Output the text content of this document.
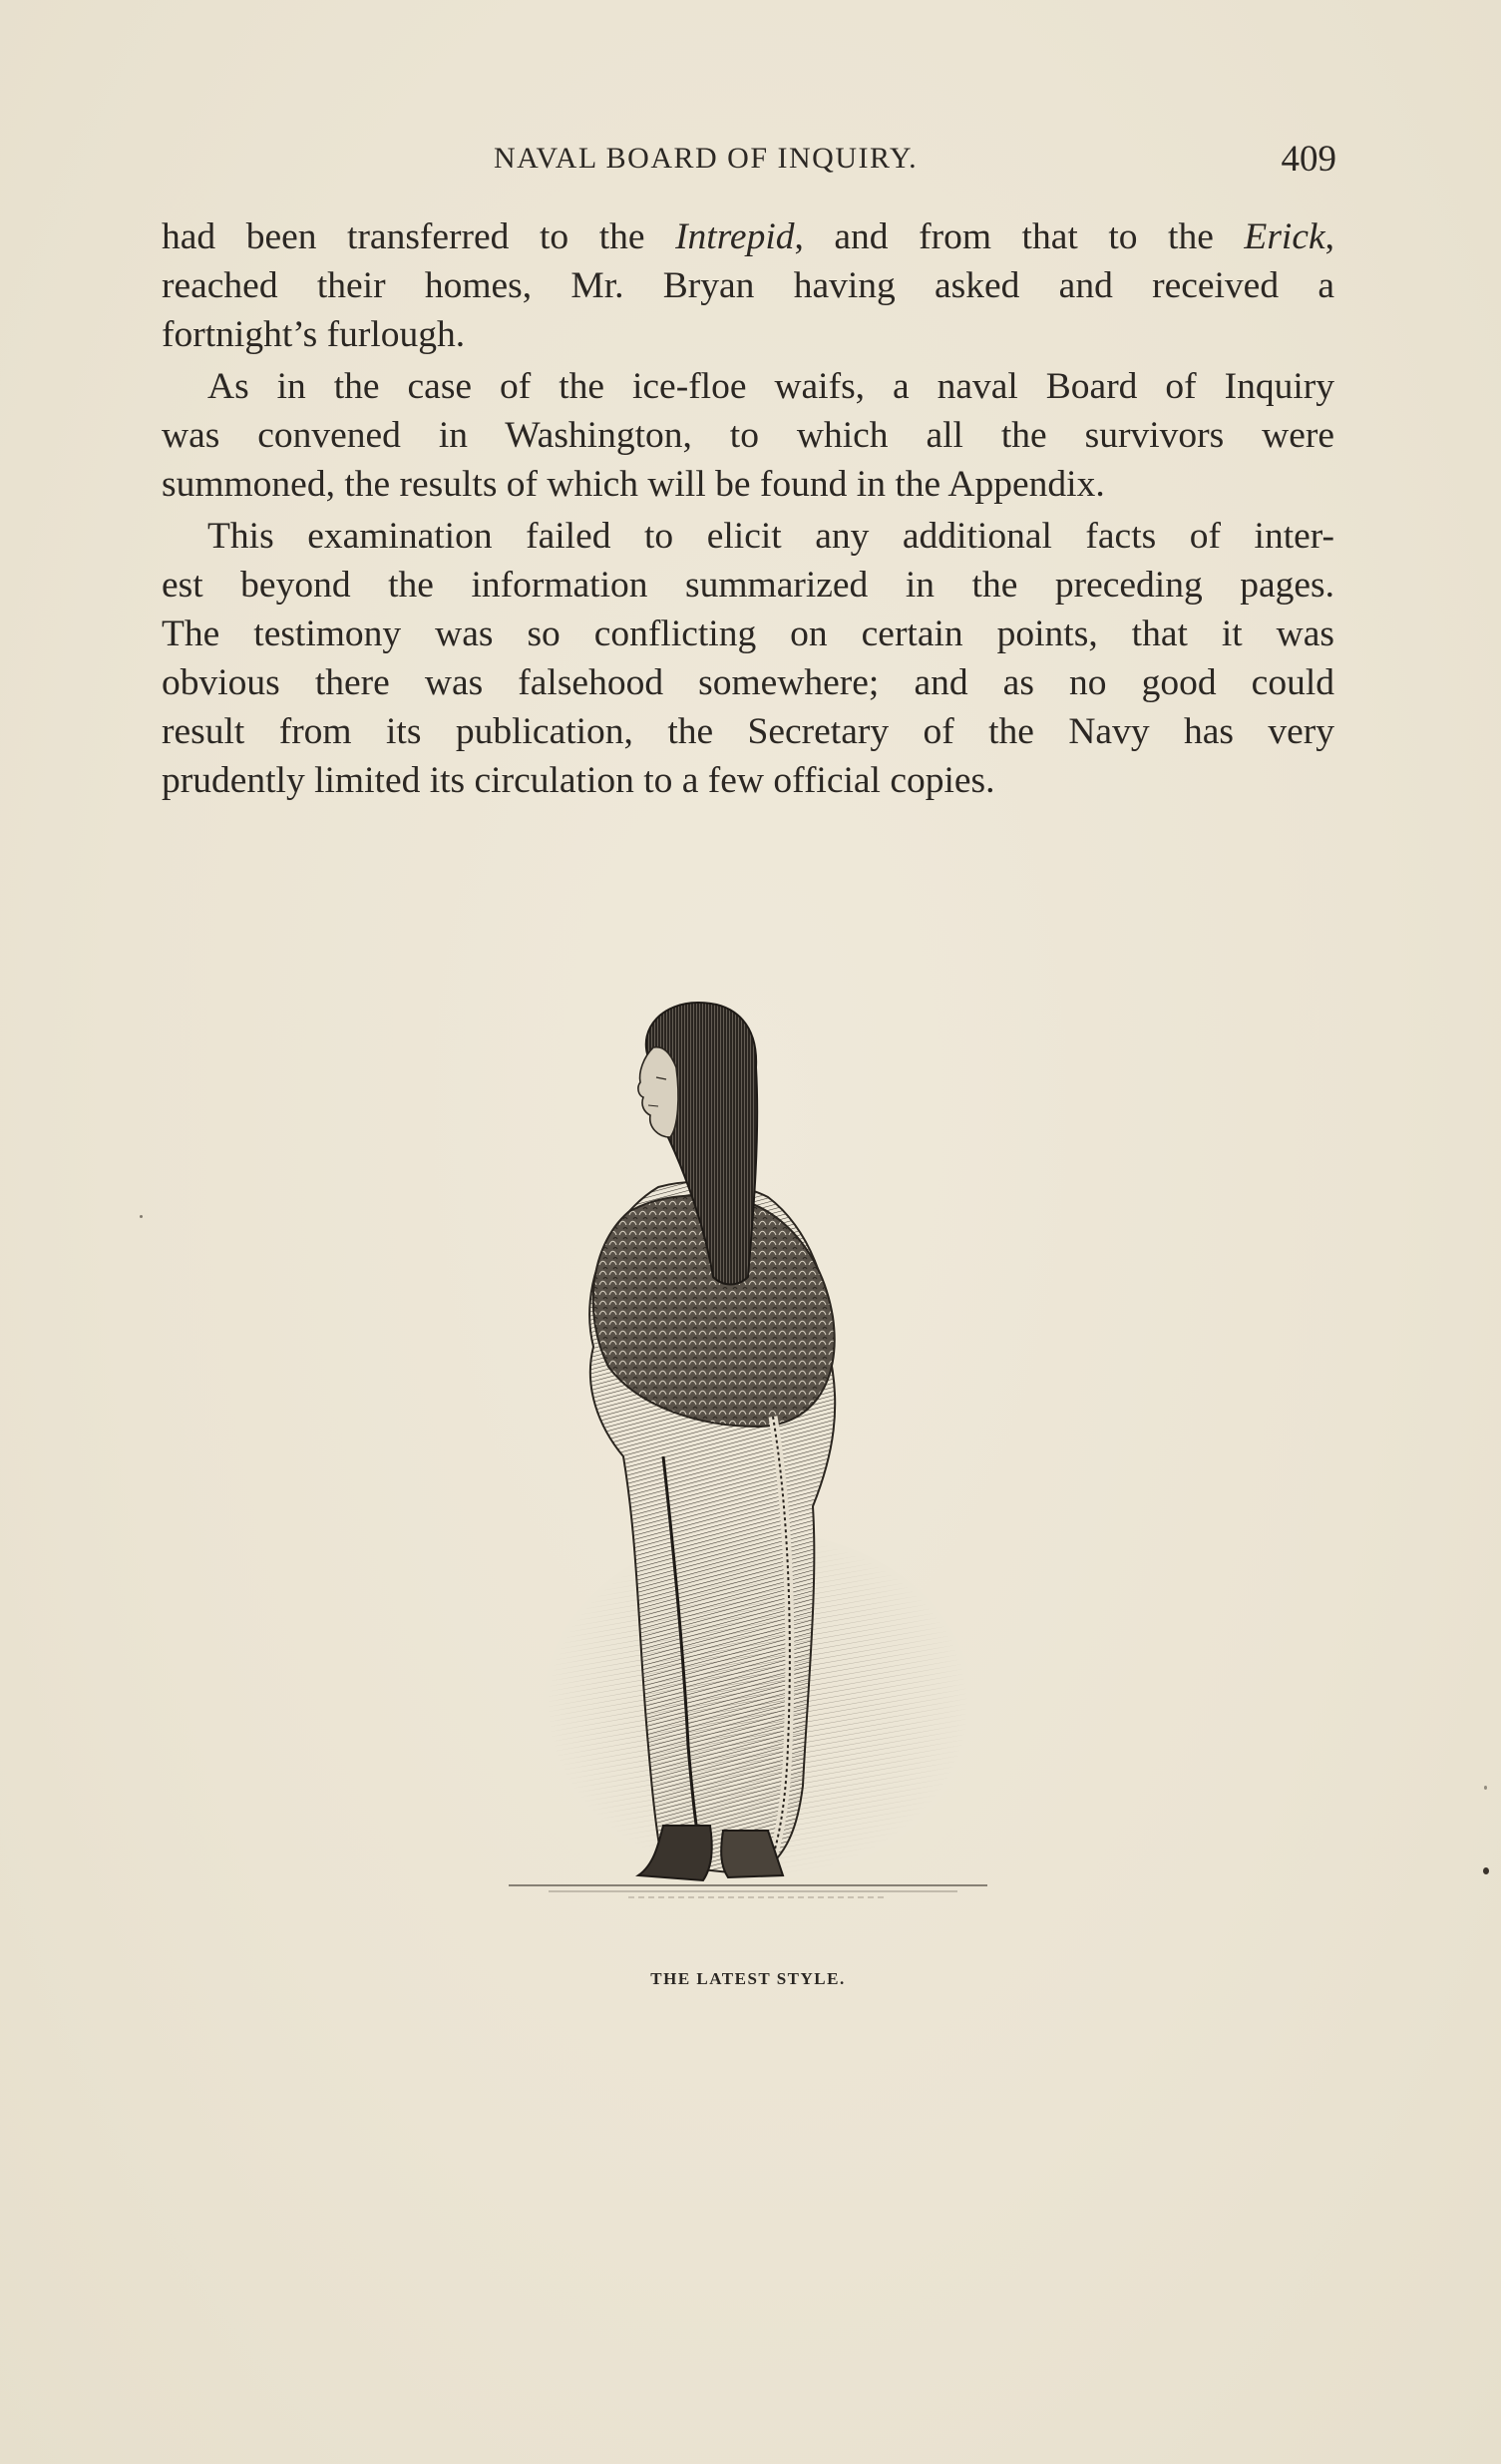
NAVAL BOARD OF INQUIRY.	409
had been transferred to the Intrepid, and from that to the Erick,
reached their homes, Mr. Bryan having asked and received a
fortnight’s furlough.
As in the case of the ice-floe waifs, a naval Board of Inquiry
was convened in Washington, to which all the survivors were
summoned, the results of which will be found in the Appendix.
This examination failed to elicit any additional facts of inter-
est beyond the information summarized in the preceding pages.
The testimony was so conflicting on certain points, that it was
obvious there was falsehood somewhere; and as no good could
result from its publication, the Secretary of the Navy has very
prudently limited its circulation to a few official copies.
THE LATEST STYLE.
